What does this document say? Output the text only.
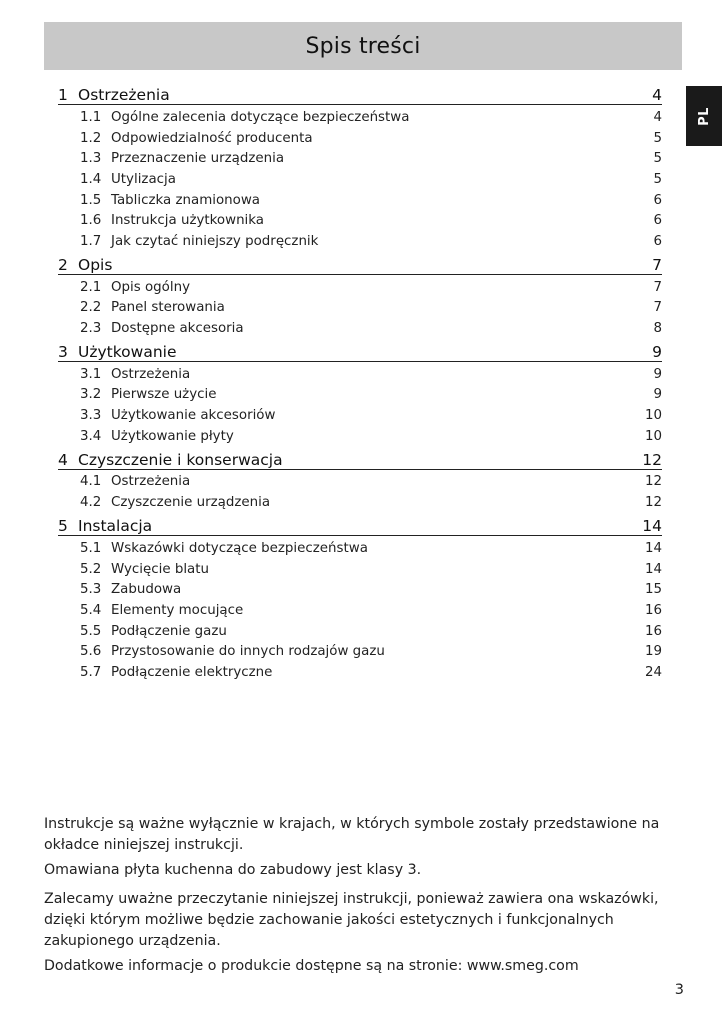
Spis treści
PL
1 Ostrzeżenia	4
1.1 Ogólne zalecenia dotyczące bezpieczeństwa	4
1.2 Odpowiedzialność producenta	5
1.3 Przeznaczenie urządzenia	5
1.4 Utylizacja	5
1.5 Tabliczka znamionowa	6
1.6 Instrukcja użytkownika	6
1.7 Jak czytać niniejszy podręcznik	6
2 Opis	7
2.1 Opis ogólny	7
2.2 Panel sterowania	7
2.3 Dostępne akcesoria	8
3 Użytkowanie	9
3.1 Ostrzeżenia	9
3.2 Pierwsze użycie	9
3.3 Użytkowanie akcesoriów	10
3.4 Użytkowanie płyty	10
4 Czyszczenie i konserwacja	12
4.1 Ostrzeżenia	12
4.2 Czyszczenie urządzenia	12
5 Instalacja	14
5.1 Wskazówki dotyczące bezpieczeństwa	14
5.2 Wycięcie blatu	14
5.3 Zabudowa	15
5.4 Elementy mocujące	16
5.5 Podłączenie gazu	16
5.6 Przystosowanie do innych rodzajów gazu	19
5.7 Podłączenie elektryczne	24

Instrukcje są ważne wyłącznie w krajach, w których symbole zostały przedstawione na okładce niniejszej instrukcji.

Omawiana płyta kuchenna do zabudowy jest klasy 3.

Zalecamy uważne przeczytanie niniejszej instrukcji, ponieważ zawiera ona wskazówki, dzięki którym możliwe będzie zachowanie jakości estetycznych i funkcjonalnych zakupionego urządzenia.

Dodatkowe informacje o produkcie dostępne są na stronie: www.smeg.com

3
